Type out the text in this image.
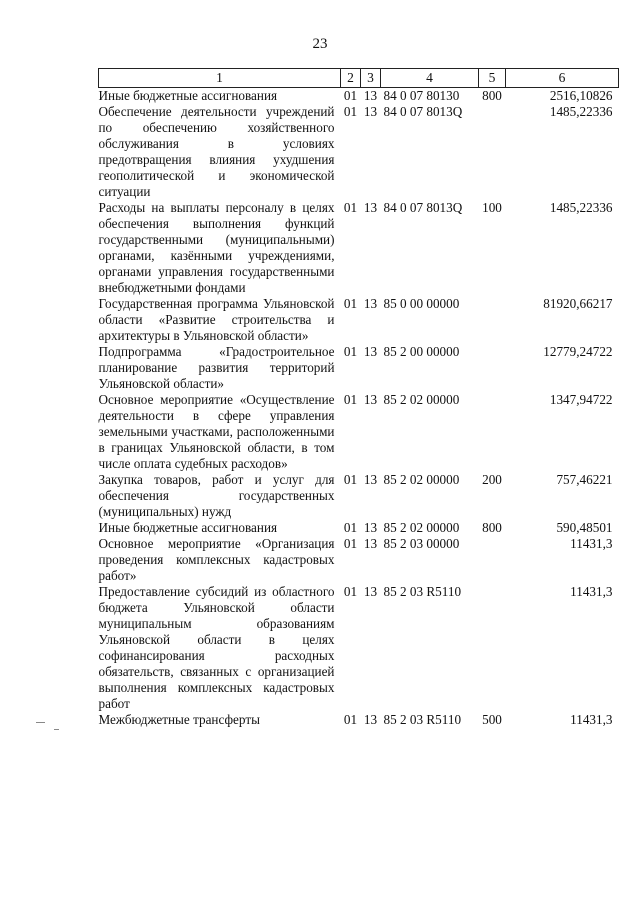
23
1	2	3	4	5	6
Иные бюджетные ассигнования	01	13	84 0 07 80130	800	2516,10826
Обеспечение деятельности учреждений по обеспечению хозяйственного обслуживания в условиях предотвращения влияния ухудшения геополитической и экономической ситуации	01	13	84 0 07 8013Q		1485,22336
Расходы на выплаты персоналу в целях обеспечения выполнения функций государственными (муниципальными) органами, казёнными учреждениями, органами управления государственными внебюджетными фондами	01	13	84 0 07 8013Q	100	1485,22336
Государственная программа Ульяновской области «Развитие строительства и архитектуры в Ульяновской области»	01	13	85 0 00 00000		81920,66217
Подпрограмма «Градостроительное планирование развития территорий Ульяновской области»	01	13	85 2 00 00000		12779,24722
Основное мероприятие «Осуществление деятельности в сфере управления земельными участками, расположенными в границах Ульяновской области, в том числе оплата судебных расходов»	01	13	85 2 02 00000		1347,94722
Закупка товаров, работ и услуг для обеспечения государственных (муниципальных) нужд	01	13	85 2 02 00000	200	757,46221
Иные бюджетные ассигнования	01	13	85 2 02 00000	800	590,48501
Основное мероприятие «Организация проведения комплексных кадастровых работ»	01	13	85 2 03 00000		11431,3
Предоставление субсидий из областного бюджета Ульяновской области муниципальным образованиям Ульяновской области в целях софинансирования расходных обязательств, связанных с организацией выполнения комплексных кадастровых работ	01	13	85 2 03 R5110		11431,3
Межбюджетные трансферты	01	13	85 2 03 R5110	500	11431,3
